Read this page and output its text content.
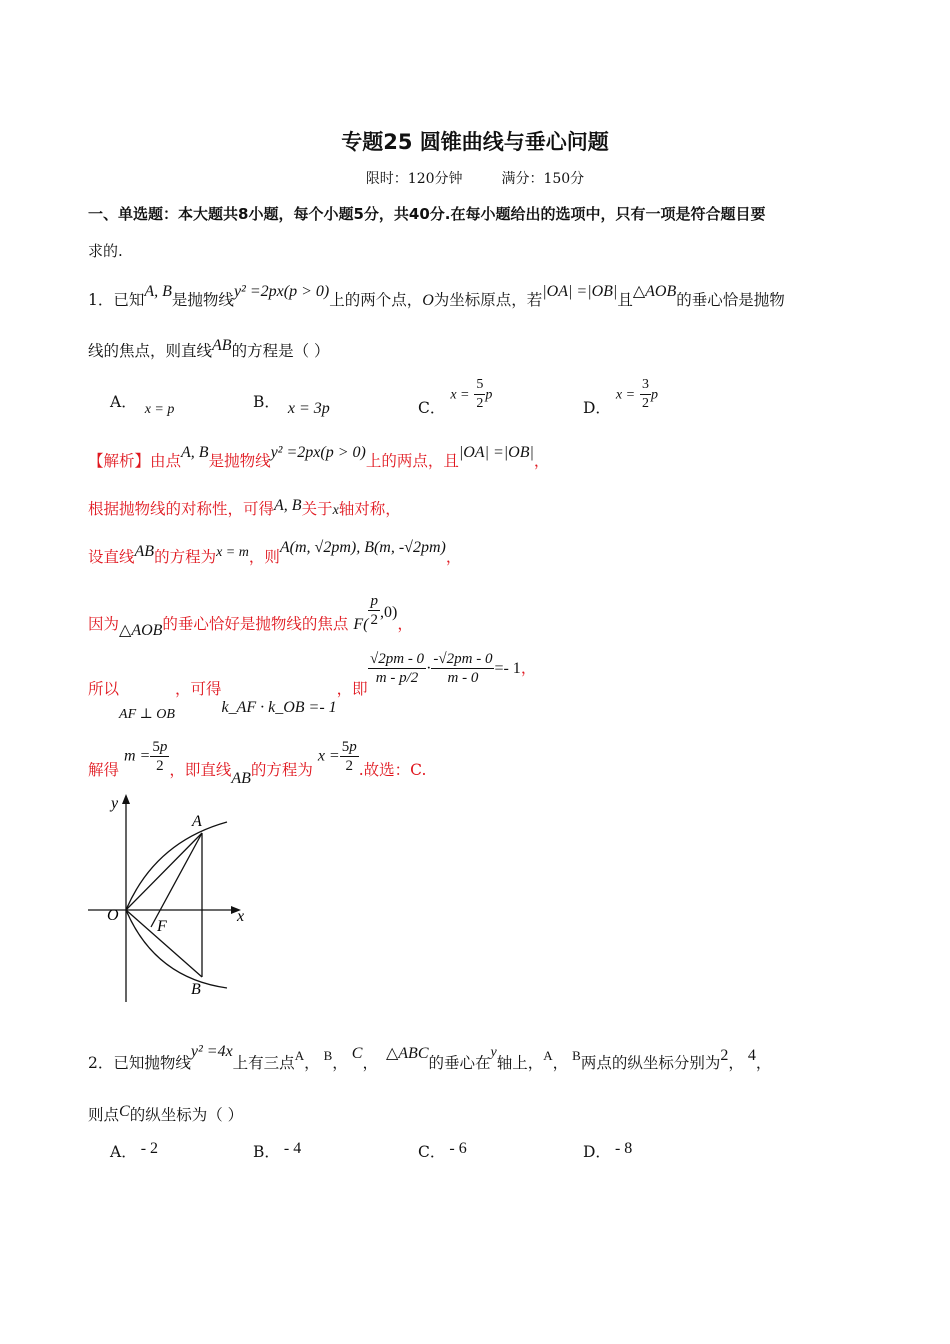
专题25 圆锥曲线与垂心问题
限时：120分钟	满分：150分
一、单选题：本大题共8小题，每个小题5分，共40分.在每小题给出的选项中，只有一项是符合题目要
求的.
1．已知A, B是抛物线y² =2px(p > 0)上的两个点，O为坐标原点，若|OA| =|OB|且△AOB的垂心恰是抛物
线的焦点，则直线AB的方程是（ ）
A． x = p	B． x = 3p	C． $x = \frac{5}{2}$ p
D． $x = \frac{3}{2}$ p
【解析】由点A, B是抛物线y² =2px(p > 0)上的两点，且|OA| =|OB|，
根据抛物线的对称性，可得A, B关于x轴对称，
设直线AB的方程为x = m，则A(m, √2pm), B(m, -√2pm)，
因为△AOB的垂心恰好是抛物线的焦点 $F( \frac{p}{2} ,0)$，
所以AF ⊥ OB，可得k_AF · k_OB =- 1，即
$\frac{√2pm - 0}{m - p/2} \cdot \frac{-√2pm - 0}{m - 0} =- 1$，
解得 $m = \frac{5p}{2}$ ，即直线AB的方程为 $x = \frac{5p}{2}$ .故选：C.
y
x
O
A
B
F
2．已知抛物线y² =4x上有三点$^A$， $^B$，C，△ABC的垂心在y轴上，$^A$， $^B$两点的纵坐标分别为2， 4，
则点C的纵坐标为（ ）
A． - 2	B． - 4	C． - 6	D． - 8
